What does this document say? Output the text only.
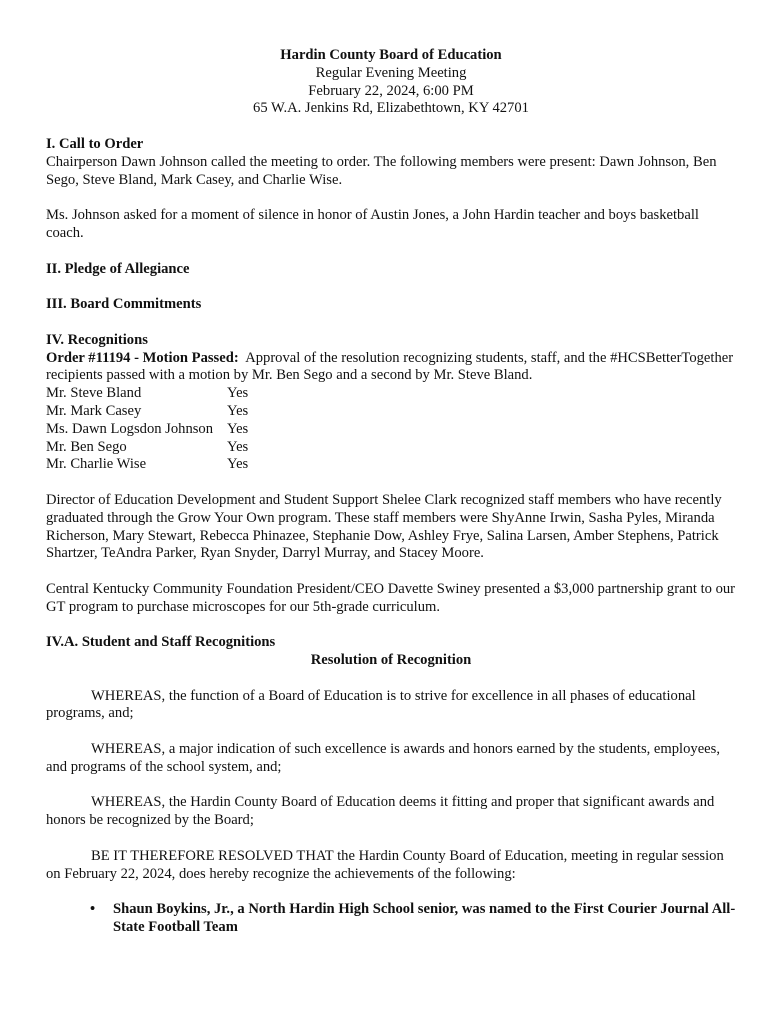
Hardin County Board of Education
Regular Evening Meeting
February 22, 2024, 6:00 PM
65 W.A. Jenkins Rd, Elizabethtown, KY 42701
I. Call to Order
Chairperson Dawn Johnson called the meeting to order. The following members were present: Dawn Johnson, Ben Sego, Steve Bland, Mark Casey, and Charlie Wise.
Ms. Johnson asked for a moment of silence in honor of Austin Jones, a John Hardin teacher and boys basketball coach.
II. Pledge of Allegiance
III. Board Commitments
IV. Recognitions
Order #11194 - Motion Passed: Approval of the resolution recognizing students, staff, and the #HCSBetterTogether recipients passed with a motion by Mr. Ben Sego and a second by Mr. Steve Bland.
Mr. Steve Bland	Yes
Mr. Mark Casey	Yes
Ms. Dawn Logsdon Johnson Yes
Mr. Ben Sego	Yes
Mr. Charlie Wise	Yes
Director of Education Development and Student Support Shelee Clark recognized staff members who have recently graduated through the Grow Your Own program. These staff members were ShyAnne Irwin, Sasha Pyles, Miranda Richerson, Mary Stewart, Rebecca Phinazee, Stephanie Dow, Ashley Frye, Salina Larsen, Amber Stephens, Patrick Shartzer, TeAndra Parker, Ryan Snyder, Darryl Murray, and Stacey Moore.
Central Kentucky Community Foundation President/CEO Davette Swiney presented a $3,000 partnership grant to our GT program to purchase microscopes for our 5th-grade curriculum.
IV.A. Student and Staff Recognitions
Resolution of Recognition
WHEREAS, the function of a Board of Education is to strive for excellence in all phases of educational programs, and;
WHEREAS, a major indication of such excellence is awards and honors earned by the students, employees, and programs of the school system, and;
WHEREAS, the Hardin County Board of Education deems it fitting and proper that significant awards and honors be recognized by the Board;
BE IT THEREFORE RESOLVED THAT the Hardin County Board of Education, meeting in regular session on February 22, 2024, does hereby recognize the achievements of the following:
• Shaun Boykins, Jr., a North Hardin High School senior, was named to the First Courier Journal All-State Football Team
